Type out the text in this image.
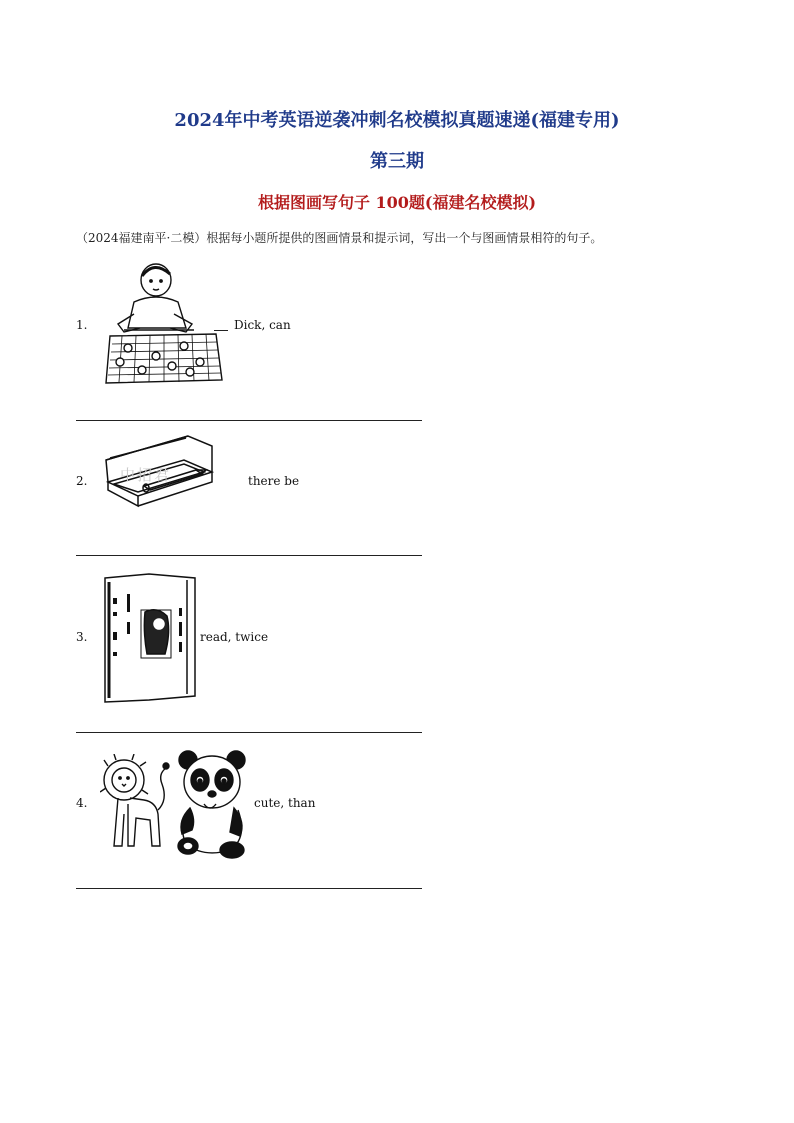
2024年中考英语逆袭冲刺名校模拟真题速递(福建专用)
第三期
根据图画写句子 100题(福建名校模拟)
（2024福建南平·二模）根据每小题所提供的图画情景和提示词，写出一个与图画情景相符的句子。
1.	Dick, can
2. 中招君	there be
3.	read, twice
4.	cute, than
